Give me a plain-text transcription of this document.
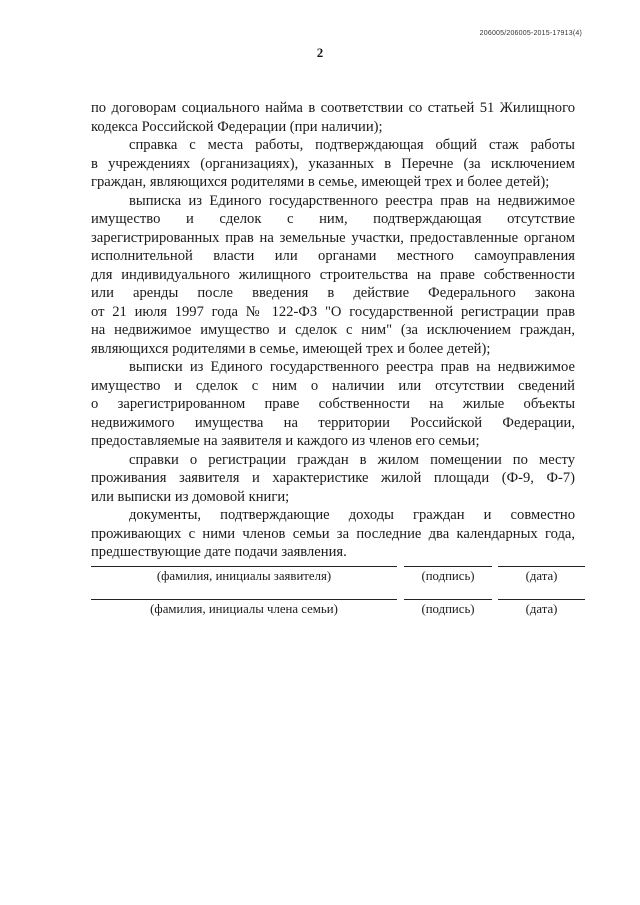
206005/206005-2015-17913(4)
2

по договорам социального найма в соответствии со статьей 51 Жилищного
кодекса Российской Федерации (при наличии);

справка с места работы, подтверждающая общий стаж работы
в учреждениях (организациях), указанных в Перечне (за исключением
граждан, являющихся родителями в семье, имеющей трех и более детей);

выписка из Единого государственного реестра прав на недвижимое
имущество и сделок с ним, подтверждающая отсутствие
зарегистрированных прав на земельные участки, предоставленные органом
исполнительной власти или органами местного самоуправления
для индивидуального жилищного строительства на праве собственности
или аренды после введения в действие Федерального закона
от 21 июля 1997 года № 122-ФЗ "О государственной регистрации прав
на недвижимое имущество и сделок с ним" (за исключением граждан,
являющихся родителями в семье, имеющей трех и более детей);

выписки из Единого государственного реестра прав на недвижимое
имущество и сделок с ним о наличии или отсутствии сведений
о зарегистрированном праве собственности на жилые объекты
недвижимого имущества на территории Российской Федерации,
предоставляемые на заявителя и каждого из членов его семьи;

справки о регистрации граждан в жилом помещении по месту
проживания заявителя и характеристике жилой площади (Ф-9, Ф-7)
или выписки из домовой книги;

документы, подтверждающие доходы граждан и совместно
проживающих с ними членов семьи за последние два календарных года,
предшествующие дате подачи заявления.

(фамилия, инициалы заявителя)	(подпись)	(дата)
(фамилия, инициалы члена семьи)	(подпись)	(дата)
